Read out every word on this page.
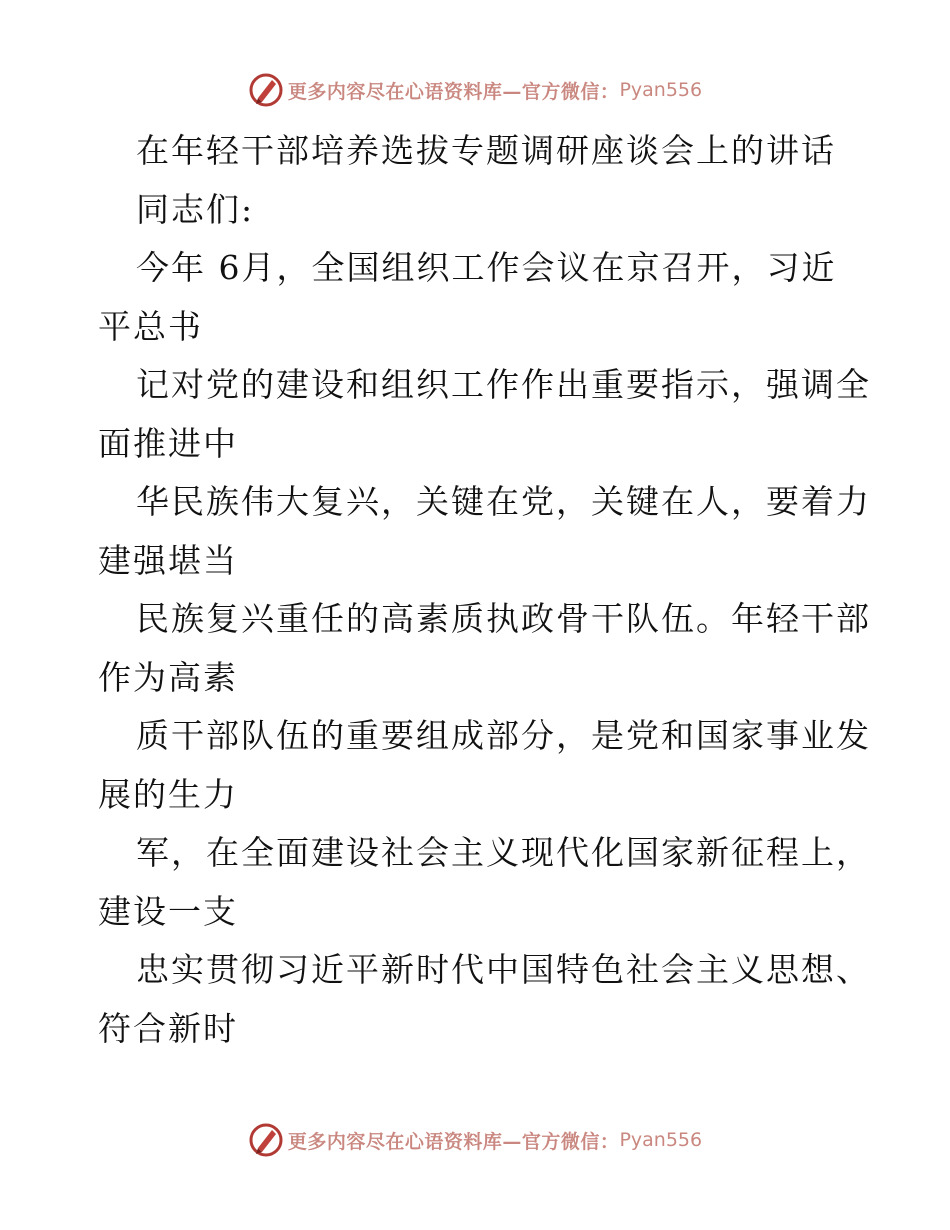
更多内容尽在心语资料库— 官方微信： Pyan556
在年轻干部培养选拔专题调研座谈会上的讲话
同志们:
今年 6月，全国组织工作会议在京召开，习近
平总书
记对党的建设和组织工作作出重要指示，强调全
面推进中
华民族伟大复兴，关键在党，关键在人，要着力
建强堪当
民族复兴重任的高素质执政骨干队伍。年轻干部
作为高素
质干部队伍的重要组成部分，是党和国家事业发
展的生力
军，在全面建设社会主义现代化国家新征程上，
建设一支
忠实贯彻习近平新时代中国特色社会主义思想、
符合新时
更多内容尽在心语资料库— 官方微信： Pyan556
